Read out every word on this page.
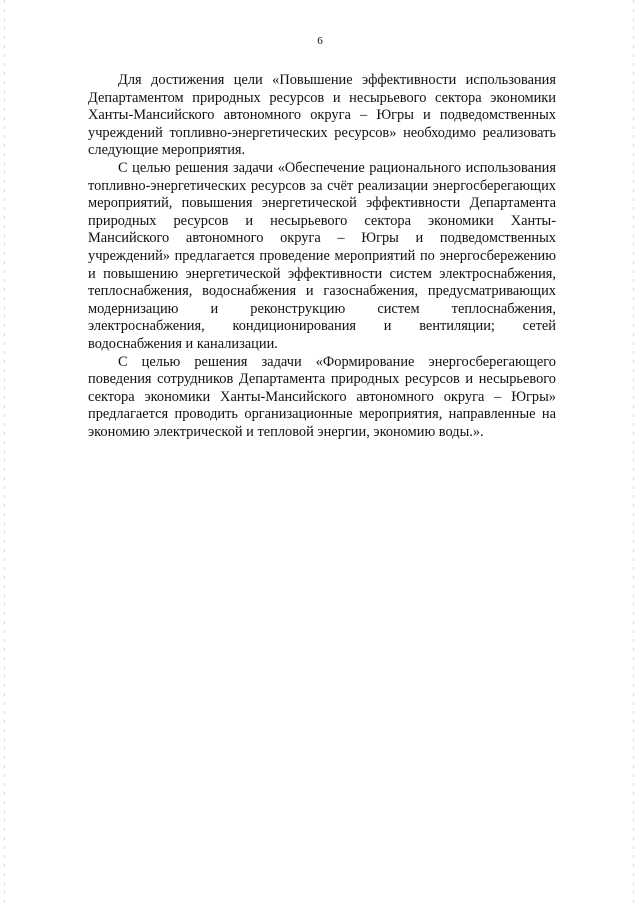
6

Для достижения цели «Повышение эффективности использования Департаментом природных ресурсов и несырьевого сектора экономики Ханты-Мансийского автономного округа – Югры и подведомственных учреждений топливно-энергетических ресурсов» необходимо реализовать следующие мероприятия.

С целью решения задачи «Обеспечение рационального использования топливно-энергетических ресурсов за счёт реализации энергосберегающих мероприятий, повышения энергетической эффективности Департамента природных ресурсов и несырьевого сектора экономики Ханты-Мансийского автономного округа – Югры и подведомственных учреждений» предлагается проведение мероприятий по энергосбережению и повышению энергетической эффективности систем электроснабжения, теплоснабжения, водоснабжения и газоснабжения, предусматривающих модернизацию и реконструкцию систем теплоснабжения, электроснабжения, кондиционирования и вентиляции; сетей водоснабжения и канализации.

С целью решения задачи «Формирование энергосберегающего поведения сотрудников Департамента природных ресурсов и несырьевого сектора экономики Ханты-Мансийского автономного округа – Югры» предлагается проводить организационные мероприятия, направленные на экономию электрической и тепловой энергии, экономию воды.».
